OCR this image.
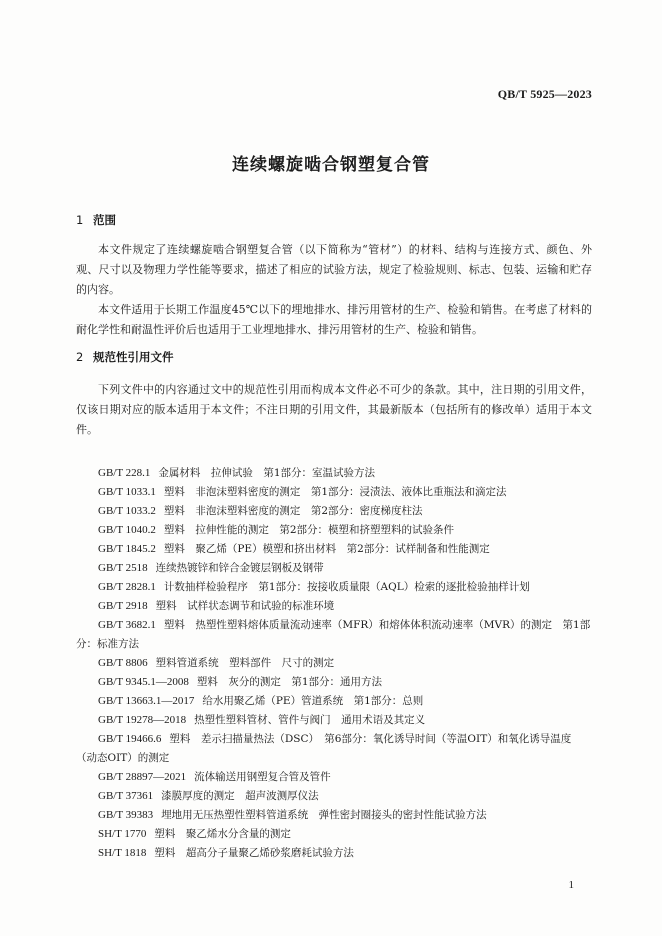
QB/T 5925—2023
连续螺旋啮合钢塑复合管
1 范围
本文件规定了连续螺旋啮合钢塑复合管（以下简称为“管材”）的材料、结构与连接方式、颜色、外观、尺寸以及物理力学性能等要求，描述了相应的试验方法，规定了检验规则、标志、包装、运输和贮存的内容。
本文件适用于长期工作温度45℃以下的埋地排水、排污用管材的生产、检验和销售。在考虑了材料的耐化学性和耐温性评价后也适用于工业埋地排水、排污用管材的生产、检验和销售。
2 规范性引用文件
下列文件中的内容通过文中的规范性引用而构成本文件必不可少的条款。其中，注日期的引用文件，仅该日期对应的版本适用于本文件；不注日期的引用文件，其最新版本（包括所有的修改单）适用于本文件。
GB/T 228.1 金属材料　拉伸试验　第1部分：室温试验方法
GB/T 1033.1 塑料　非泡沫塑料密度的测定　第1部分：浸渍法、液体比重瓶法和滴定法
GB/T 1033.2 塑料　非泡沫塑料密度的测定　第2部分：密度梯度柱法
GB/T 1040.2 塑料　拉伸性能的测定　第2部分：模塑和挤塑塑料的试验条件
GB/T 1845.2 塑料　聚乙烯（PE）模塑和挤出材料　第2部分：试样制备和性能测定
GB/T 2518 连续热镀锌和锌合金镀层钢板及钢带
GB/T 2828.1 计数抽样检验程序　第1部分：按接收质量限（AQL）检索的逐批检验抽样计划
GB/T 2918 塑料　试样状态调节和试验的标准环境
GB/T 3682.1 塑料　热塑性塑料熔体质量流动速率（MFR）和熔体体积流动速率（MVR）的测定　第1部分：标准方法
GB/T 8806 塑料管道系统　塑料部件　尺寸的测定
GB/T 9345.1—2008 塑料　灰分的测定　第1部分：通用方法
GB/T 13663.1—2017 给水用聚乙烯（PE）管道系统　第1部分：总则
GB/T 19278—2018 热塑性塑料管材、管件与阀门　通用术语及其定义
GB/T 19466.6 塑料　差示扫描量热法（DSC）　第6部分：氧化诱导时间（等温OIT）和氧化诱导温度（动态OIT）的测定
GB/T 28897—2021 流体输送用钢塑复合管及管件
GB/T 37361 漆膜厚度的测定　超声波测厚仪法
GB/T 39383 埋地用无压热塑性塑料管道系统　弹性密封圈接头的密封性能试验方法
SH/T 1770 塑料　聚乙烯水分含量的测定
SH/T 1818 塑料　超高分子量聚乙烯砂浆磨耗试验方法
1
